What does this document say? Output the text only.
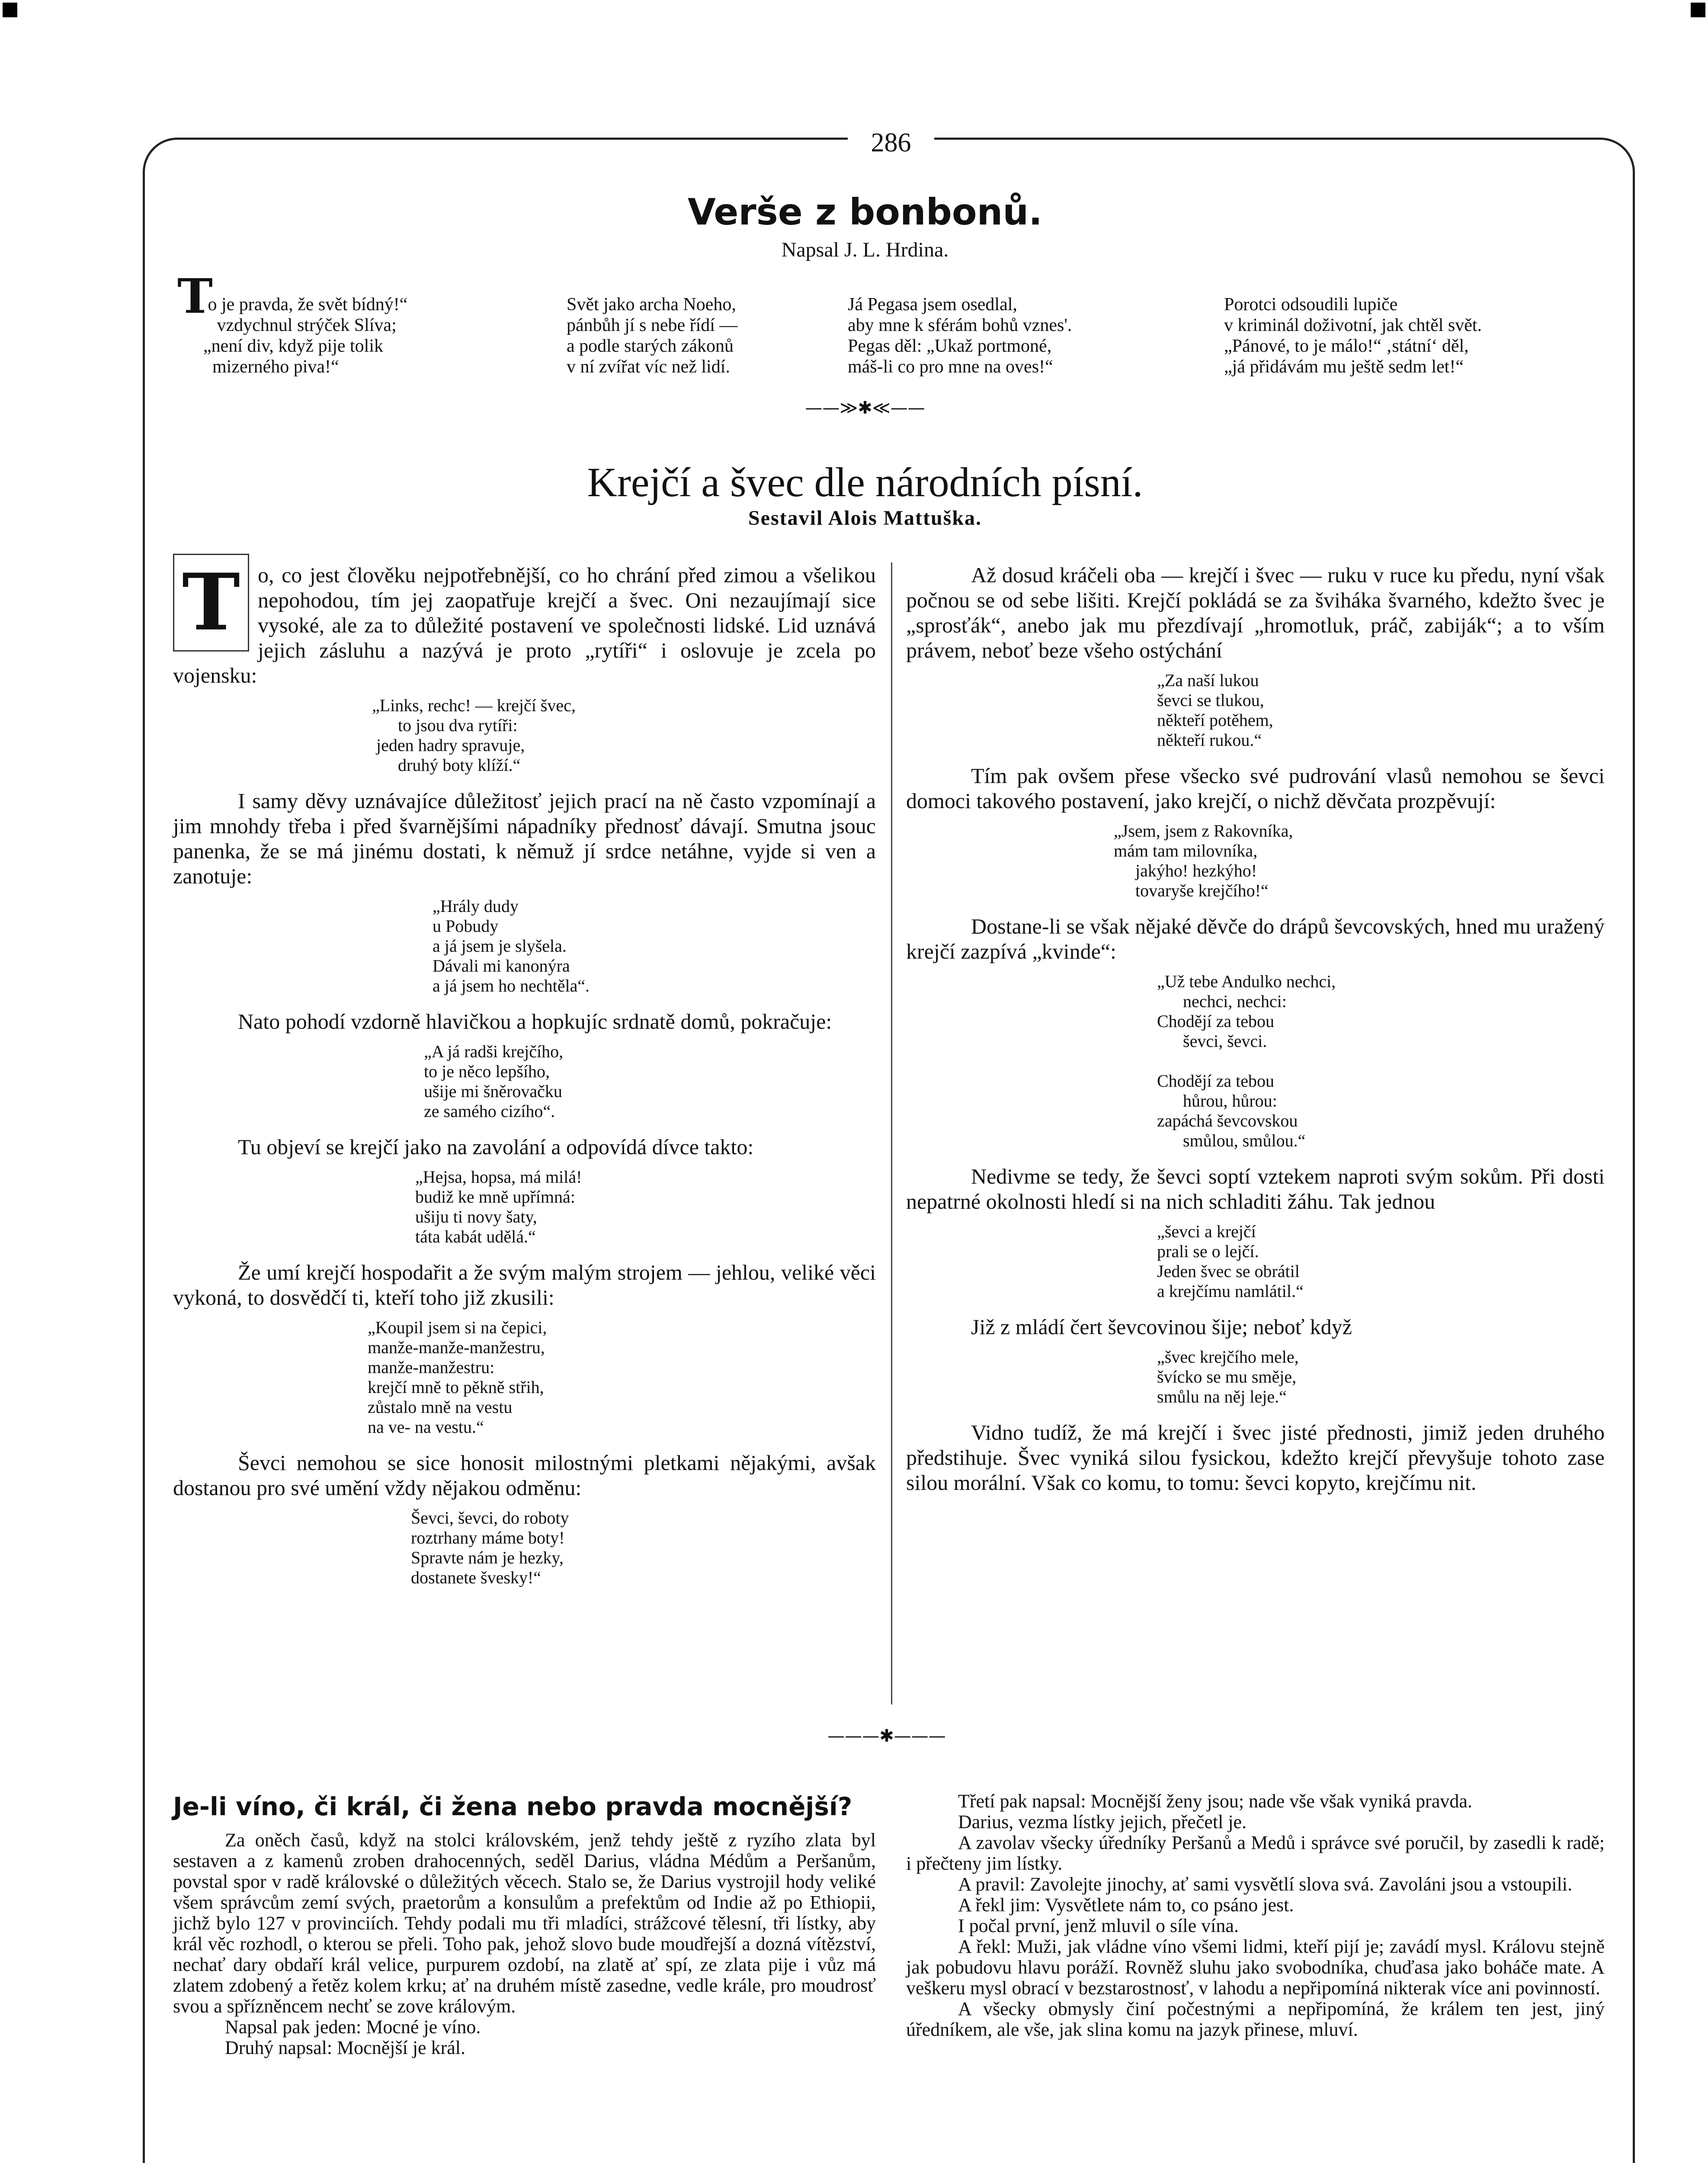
286
Verše z bonbonů.
Napsal J. L. Hrdina.
T
o je pravda, že svět bídný!“
vzdychnul strýček Slíva;
„není div, když pije tolik
mizerného piva!“
Svět jako archa Noeho,
pánbůh jí s nebe řídí —
a podle starých zákonů
v ní zvířat víc než lidí.
Já Pegasa jsem osedlal,
aby mne k sférám bohů vznes'.
Pegas děl: „Ukaž portmoné,
máš-li co pro mne na oves!“
Porotci odsoudili lupiče
v kriminál doživotní, jak chtěl svět.
„Pánové, to je málo!“ ‚státní‘ děl,
„já přidávám mu ještě sedm let!“
——≫✱≪——
Krejčí a švec dle národních písní.
Sestavil Alois Mattuška.
T o, co jest člověku nejpotřebnější, co ho chrání před zimou a všelikou nepohodou, tím jej zaopatřuje krejčí a švec. Oni nezaujímají sice vysoké, ale za to důležité postavení ve společnosti lidské. Lid uznává jejich zásluhu a nazývá je proto „rytíři“ i oslovuje je zcela po vojensku:

„Links, rechc! — krejčí švec,
to jsou dva rytíři:
jeden hadry spravuje,
druhý boty klíží.“

I samy děvy uznávajíce důležitosť jejich prací na ně často vzpomínají a jim mnohdy třeba i před švarnějšími nápadníky přednosť dávají. Smutna jsouc panenka, že se má jinému dostati, k němuž jí srdce netáhne, vyjde si ven a zanotuje:

„Hrály dudy
u Pobudy
a já jsem je slyšela.
Dávali mi kanonýra
a já jsem ho nechtěla“.

Nato pohodí vzdorně hlavičkou a hopkujíc srdnatě domů, pokračuje:

„A já radši krejčího,
to je něco lepšího,
ušije mi šněrovačku
ze samého cizího“.

Tu objeví se krejčí jako na zavolání a odpovídá dívce takto:

„Hejsa, hopsa, má milá!
budiž ke mně upřímná:
ušiju ti novy šaty,
táta kabát udělá.“

Že umí krejčí hospodařit a že svým malým strojem — jehlou, veliké věci vykoná, to dosvědčí ti, kteří toho již zkusili:

„Koupil jsem si na čepici,
manže-manže-manžestru,
manže-manžestru:
krejčí mně to pěkně střih,
zůstalo mně na vestu
na ve- na vestu.“

Ševci nemohou se sice honosit milostnými pletkami nějakými, avšak dostanou pro své umění vždy nějakou odměnu:

Ševci, ševci, do roboty
roztrhany máme boty!
Spravte nám je hezky,
dostanete švesky!“

Až dosud kráčeli oba — krejčí i švec — ruku v ruce ku předu, nyní však počnou se od sebe lišiti. Krejčí pokládá se za švihákа švarného, kdežto švec je „sprosťák“, anebo jak mu přezdívají „hromotluk, práč, zabiják“; a to vším právem, neboť beze všeho ostýchání

„Za naší lukou
ševci se tlukou,
někteří potěhem,
někteří rukou.“

Tím pak ovšem přese všecko své pudrování vlasů nemohou se ševci domoci takového postavení, jako krejčí, o nichž děvčata prozpěvují:

„Jsem, jsem z Rakovníka,
mám tam milovníka,
jakýho! hezkýho!
tovaryše krejčího!“

Dostane-li se však nějaké děvče do drápů ševcovských, hned mu uražený krejčí zazpívá „kvinde“:

„Už tebe Andulko nechci,
nechci, nechci:
Chodějí za tebou
ševci, ševci.

Chodějí za tebou
hůrou, hůrou:
zapáchá ševcovskou
smůlou, smůlou.“

Nedivme se tedy, že ševci soptí vztekem naproti svým sokům. Při dosti nepatrné okolnosti hledí si na nich schladiti žáhu. Tak jednou

„ševci a krejčí
prali se o lejčí.
Jeden švec se obrátil
a krejčímu namlátil.“

Již z mládí čert ševcovinou šije; neboť když

„švec krejčího mele,
švícko se mu směje,
smůlu na něj leje.“

Vidno tudíž, že má krejčí i švec jisté přednosti, jimiž jeden druhého předstihuje. Švec vyniká silou fysickou, kdežto krejčí převyšuje tohoto zase silou morální. Však co komu, to tomu: ševci kopyto, krejčímu nit.

———✱———
Je-li víno, či král, či žena nebo pravda mocnější?

Za oněch časů, když na stolci královském, jenž tehdy ještě z ryzího zlata byl sestaven a z kamenů zroben drahocenných, seděl Darius, vládna Médům a Peršanům, povstal spor v radě královské o důležitých věcech. Stalo se, že Darius vystrojil hody veliké všem správcům zemí svých, praetorům a konsulům a prefektům od Indie až po Ethiopii, jichž bylo 127 v provinciích. Tehdy podali mu tři mladíci, strážcové tělesní, tři lístky, aby král věc rozhodl, o kterou se přeli. Toho pak, jehož slovo bude moudřejší a dozná vítězství, nechať dary obdaří král velice, purpurem ozdobí, na zlatě ať spí, ze zlata pije i vůz má zlatem zdobený a řetěz kolem krku; ať na druhém místě zasedne, vedle krále, pro moudrosť svou a spřízněncem nechť se zove královým.

Napsal pak jeden: Mocné je víno.

Druhý napsal: Mocnější je král.

Třetí pak napsal: Mocnější ženy jsou; nade vše však vyniká pravda.

Darius, vezma lístky jejich, přečetl je.

A zavolav všecky úředníky Peršanů a Medů i správce své poručil, by zasedli k radě; i přečteny jim lístky.

A pravil: Zavolejte jinochy, ať sami vysvětlí slova svá. Zavoláni jsou a vstoupili.

A řekl jim: Vysvětlete nám to, co psáno jest.

I počal první, jenž mluvil o síle vína.

A řekl: Muži, jak vládne víno všemi lidmi, kteří pijí je; zavádí mysl. Královu stejně jak pobudovu hlavu poráží. Rovněž sluhu jako svobodníka, chuďasa jako boháče mate. A veškeru mysl obrací v bezstarostnosť, v lahodu a nepřipomíná nikterak více ani povinností.

A všecky obmysly činí počestnými a nepřipomíná, že králem ten jest, jiný úředníkem, ale vše, jak slina komu na jazyk přinese, mluví.
